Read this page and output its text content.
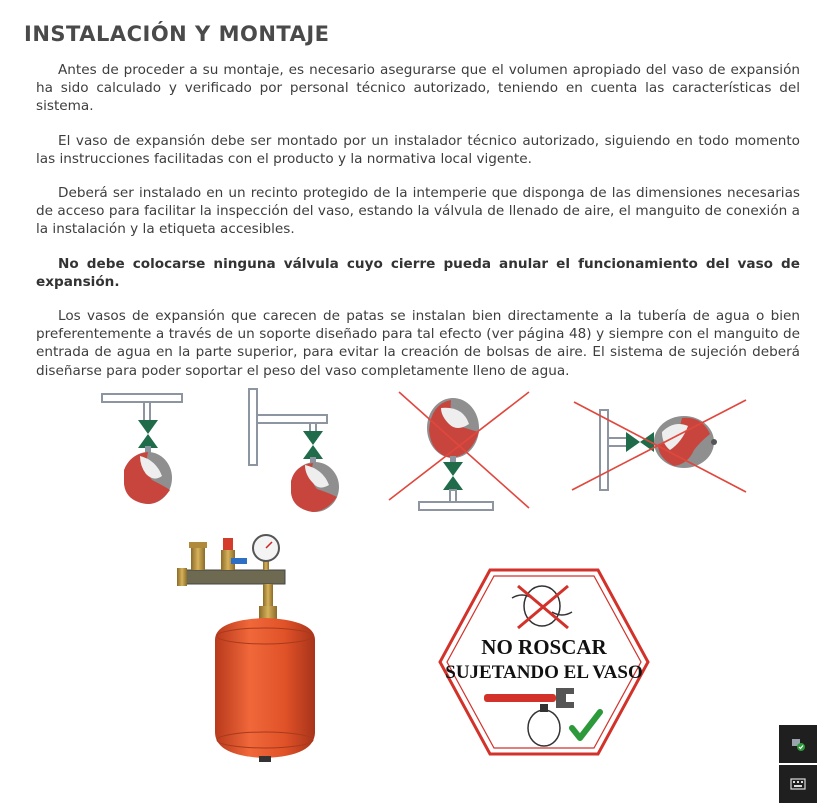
INSTALACIÓN Y MONTAJE

Antes de proceder a su montaje, es necesario asegurarse que el volumen apropiado del vaso de expansión ha sido calculado y verificado por personal técnico autorizado, teniendo en cuenta las características del sistema.

El vaso de expansión debe ser montado por un instalador técnico autorizado, siguiendo en todo momento las instrucciones facilitadas con el producto y la normativa local vigente.

Deberá ser instalado en un recinto protegido de la intemperie que disponga de las dimensiones necesarias de acceso para facilitar la inspección del vaso, estando la válvula de llenado de aire, el manguito de conexión a la instalación y la etiqueta accesibles.

No debe colocarse ninguna válvula cuyo cierre pueda anular el funcionamiento del vaso de expansión.

Los vasos de expansión que carecen de patas se instalan bien directamente a la tubería de agua o bien preferentemente a través de un soporte diseñado para tal efecto (ver página 48) y siempre con el manguito de entrada de agua en la parte superior, para evitar la creación de bolsas de aire. El sistema de sujeción deberá diseñarse para poder soportar el peso del vaso completamente lleno de agua.

NO ROSCAR
SUJETANDO EL VASO
